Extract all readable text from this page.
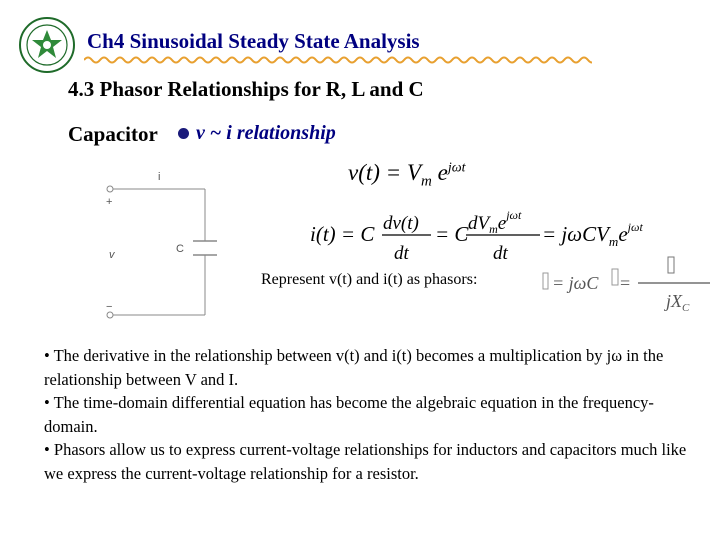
Ch4 Sinusoidal Steady State Analysis
4.3 Phasor Relationships for R, L and C
Capacitor v ~ i relationship
i
+
v
−
C
$v(t) = V_m$ $e^{j\omega t}$
i(t) = C dv(t)
dt
= C $dV_me^{j\omega t}$
dt
= $j\omega CV_me^{j\omega t}$
Represent v(t) and i(t) as phasors:	= jωC =
$jX_C$

• The derivative in the relationship between v(t) and i(t) becomes a multiplication by jω in the relationship between V and I.

• The time-domain differential equation has become the algebraic equation in the frequency-domain.

• Phasors allow us to express current-voltage relationships for inductors and capacitors much like we express the current-voltage relationship for a resistor.
